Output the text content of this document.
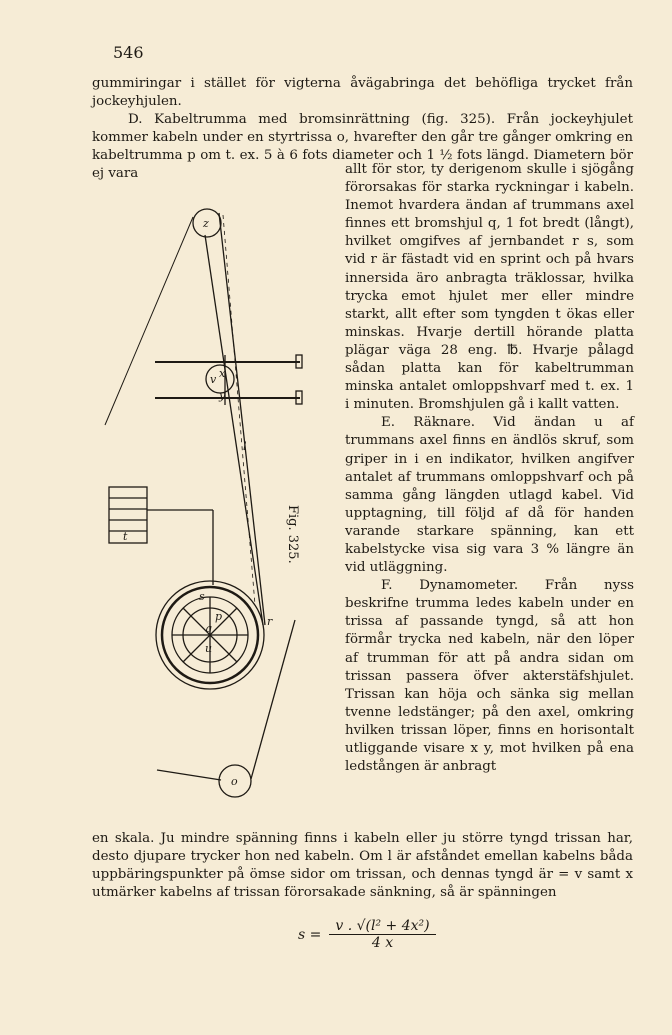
546

gummiringar i stället för vigterna åvägabringa det behöfliga trycket från jockeyhjulen.

D. Kabeltrumma med bromsinrättning (fig. 325). Från jockeyhjulet kommer kabeln under en styrtrissa o, hvarefter den går tre gånger omkring en kabeltrumma p om t. ex. 5 à 6 fots diameter och 1 ½ fots längd. Diametern bör ej vara

z
o
v x
y
l
t
p
q
r
s
u
Fig. 325.

allt för stor, ty derigenom skulle i sjögång förorsakas för starka ryckningar i kabeln. Inemot hvardera ändan af trummans axel finnes ett bromshjul q, 1 fot bredt (långt), hvilket omgifves af jernbandet r s, som vid r är fästadt vid en sprint och på hvars innersida äro anbragta träklossar, hvilka trycka emot hjulet mer eller mindre starkt, allt efter som tyngden t ökas eller minskas. Hvarje dertill hörande platta plägar väga 28 eng. ℔. Hvarje pålagd sådan platta kan för kabeltrumman minska antalet omloppshvarf med t. ex. 1 i minuten. Bromshjulen gå i kallt vatten.

E. Räknare. Vid ändan u af trummans axel finns en ändlös skruf, som griper in i en indikator, hvilken angifver antalet af trummans omloppshvarf och på samma gång längden utlagd kabel. Vid upptagning, till följd af då för handen varande starkare spänning, kan ett kabelstycke visa sig vara 3 % längre än vid utläggning.

F. Dynamometer. Från nyss beskrifne trumma ledes kabeln under en trissa af passande tyngd, så att hon förmår trycka ned kabeln, när den löper af trumman för att på andra sidan om trissan passera öfver akterstäfshjulet. Trissan kan höja och sänka sig mellan tvenne ledstänger; på den axel, omkring hvilken trissan löper, finns en horisontalt utliggande visare x y, mot hvilken på ena ledstången är anbragt

en skala. Ju mindre spänning finns i kabeln eller ju större tyngd trissan har, desto djupare trycker hon ned kabeln. Om l är afståndet emellan kabelns båda uppbäringspunkter på ömse sidor om trissan, och dennas tyngd är = v samt x utmärker kabelns af trissan förorsakade sänkning, så är spänningen

$s = \frac{\text{v . √(l² + 4x²)}}{4 x}$
